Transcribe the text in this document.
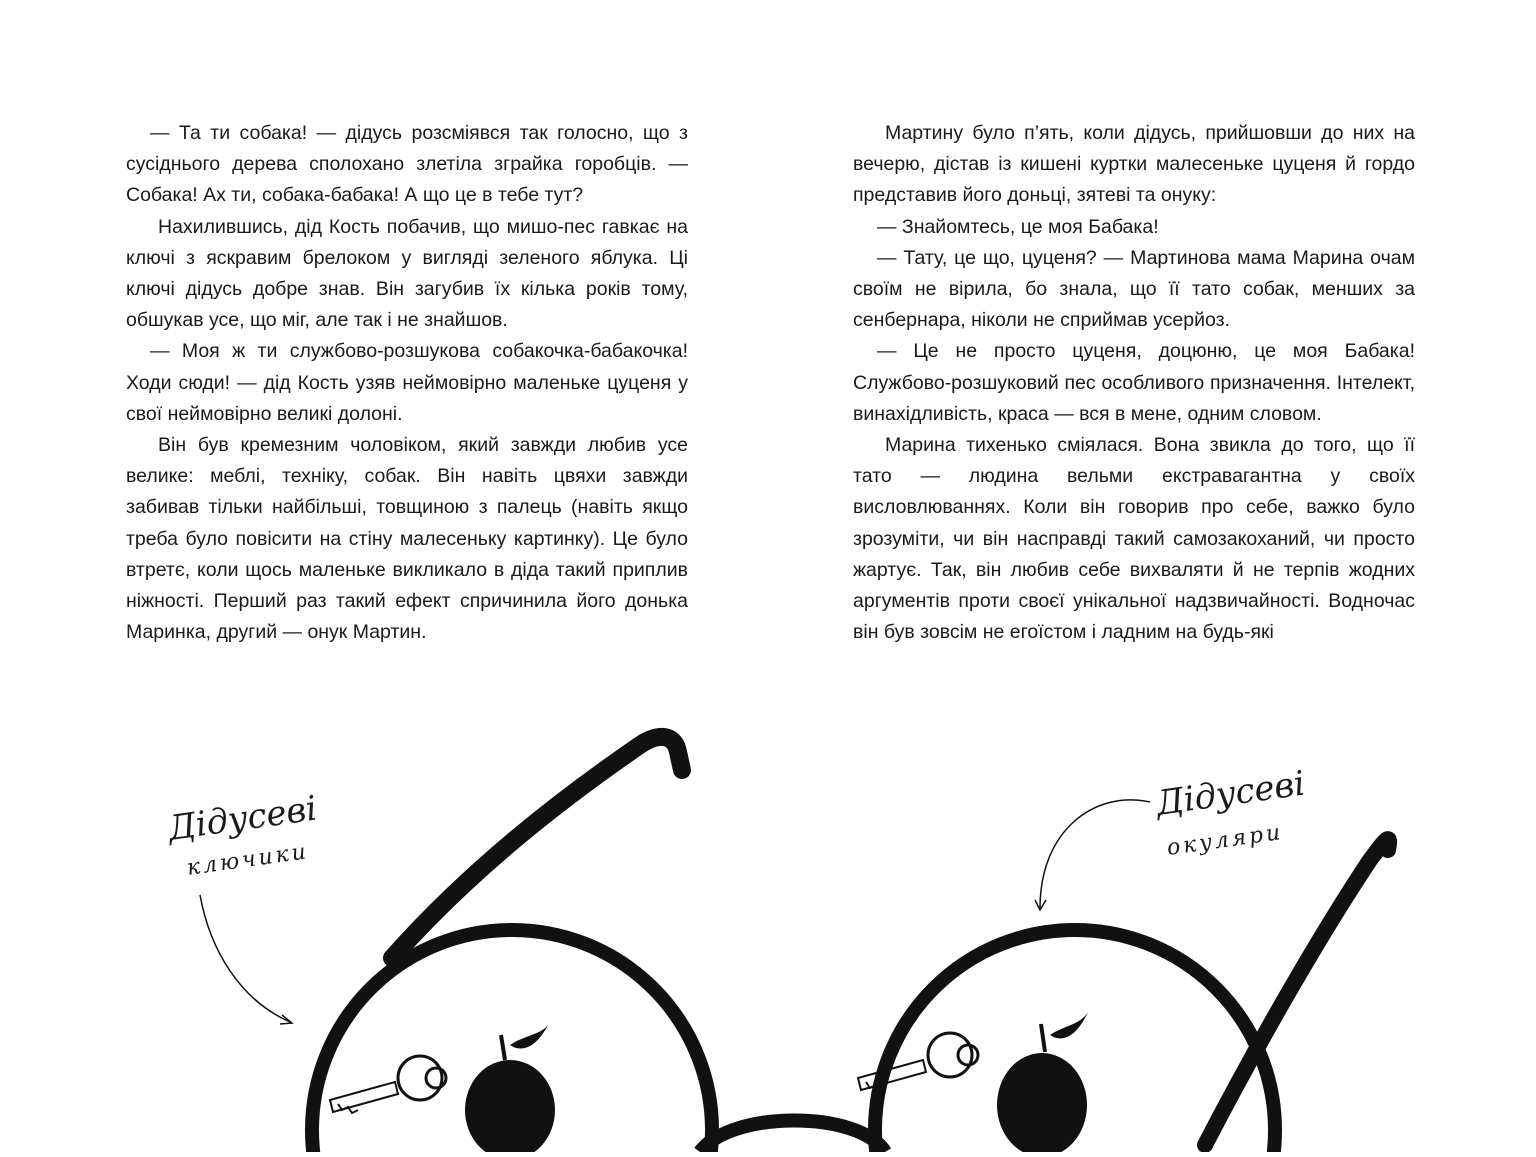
— Та ти собака! — дідусь розсміявся так голосно, що з сусіднього дерева сполохано злетіла зграйка горобців. — Собака! Ах ти, собака-бабака! А що це в тебе тут?

Нахилившись, дід Кость побачив, що мишо-пес гавкає на ключі з яскравим брелоком у вигляді зеленого яблука. Ці ключі дідусь добре знав. Він загубив їх кілька років тому, обшукав усе, що міг, але так і не знайшов.

— Моя ж ти службово-розшукова собакочка-бабакочка! Ходи сюди! — дід Кость узяв неймовірно маленьке цуценя у свої неймовірно великі долоні.

Він був кремезним чоловіком, який завжди любив усе велике: меблі, техніку, собак. Він навіть цвяхи завжди забивав тільки найбільші, товщиною з палець (навіть якщо треба було повісити на стіну малесеньку картинку). Це було втретє, коли щось маленьке викликало в діда такий приплив ніжності. Перший раз такий ефект спричинила його донька Маринка, другий — онук Мартин.

Мартину було п’ять, коли дідусь, прийшовши до них на вечерю, дістав із кишені куртки малесеньке цуценя й гордо представив його доньці, зятеві та онуку:

— Знайомтесь, це моя Бабака!

— Тату, це що, цуценя? — Мартинова мама Марина очам своїм не вірила, бо знала, що її тато собак, менших за сенбернара, ніколи не сприймав усерйоз.

— Це не просто цуценя, доцюню, це моя Бабака! Службово-розшуковий пес особливого призначення. Інтелект, винахідливість, краса — вся в мене, одним словом.

Марина тихенько сміялася. Вона звикла до того, що її тато — людина вельми екстравагантна у своїх висловлюваннях. Коли він говорив про себе, важко було зрозуміти, чи він насправді такий самозакоханий, чи просто жартує. Так, він любив себе вихваляти й не терпів жодних аргументів проти своєї унікальної надзвичайності. Водночас він був зовсім не егоїстом і ладним на будь-які

Дідусеві
ключики
Дідусеві
окуляри
